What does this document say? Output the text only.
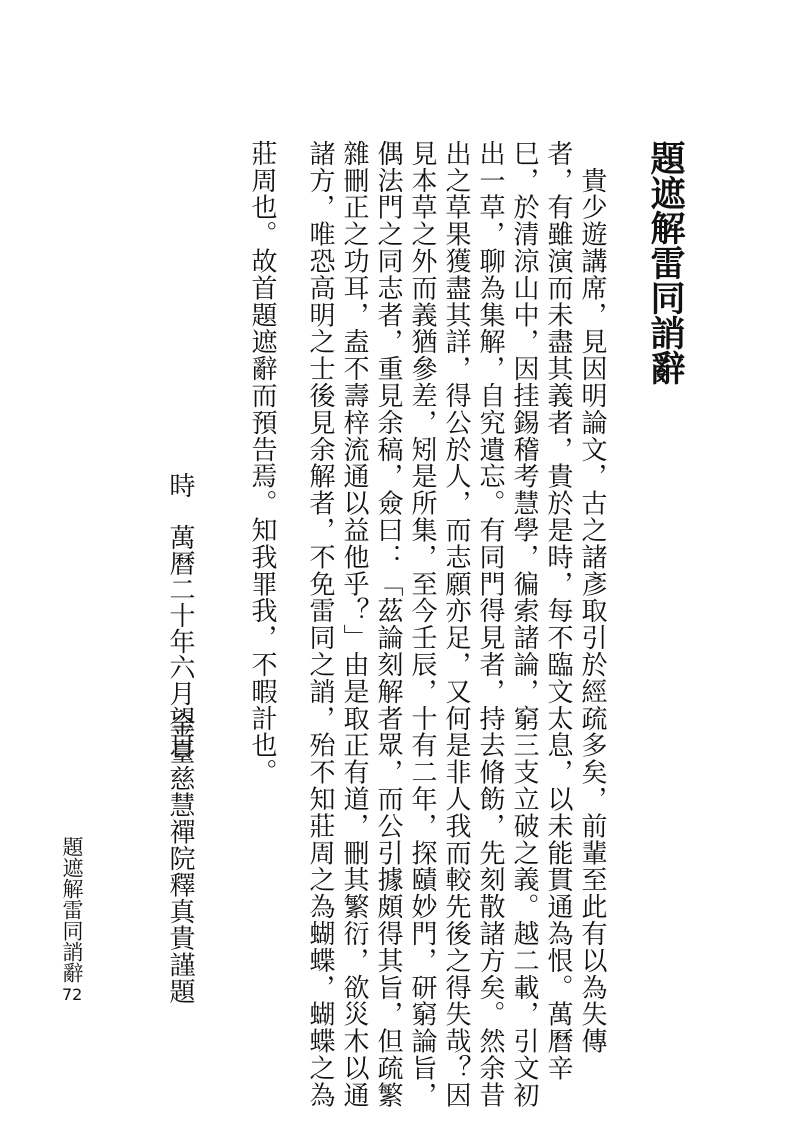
題遮解雷同誚辭

　貴少遊講席，見因明論文，古之諸彥取引於經疏多矣，前輩至此有以為失傳

者，有雖演而未盡其義者，貴於是時，每不臨文太息，以未能貫通為恨。萬曆辛

巳，於清涼山中，因挂錫稽考慧學，徧索諸論，窮三支立破之義。越二載，引文初

出一草，聊為集解，自究遺忘。有同門得見者，持去脩飭，先刻散諸方矣。然余昔

出之草果獲盡其詳，得公於人，而志願亦足，又何是非人我而較先後之得失哉？因

見本草之外而義猶參差，矧是所集，至今壬辰，十有二年，探賾妙門，研窮論旨，

偶法門之同志者，重見余稿，僉曰：「茲論刻解者眾，而公引據頗得其旨，但疏繁

雜刪正之功耳，盍不壽梓流通以益他乎？」由是取正有道，刪其繁衍，欲災木以通

諸方，唯恐高明之士後見余解者，不免雷同之誚，殆不知莊周之為蝴蝶，蝴蝶之為

莊周也。故首題遮辭而預告焉。知我罪我，不暇計也。

時　萬曆二十年六月望日

金臺慈慧禪院釋真貴謹題

題遮解雷同誚辭
72
